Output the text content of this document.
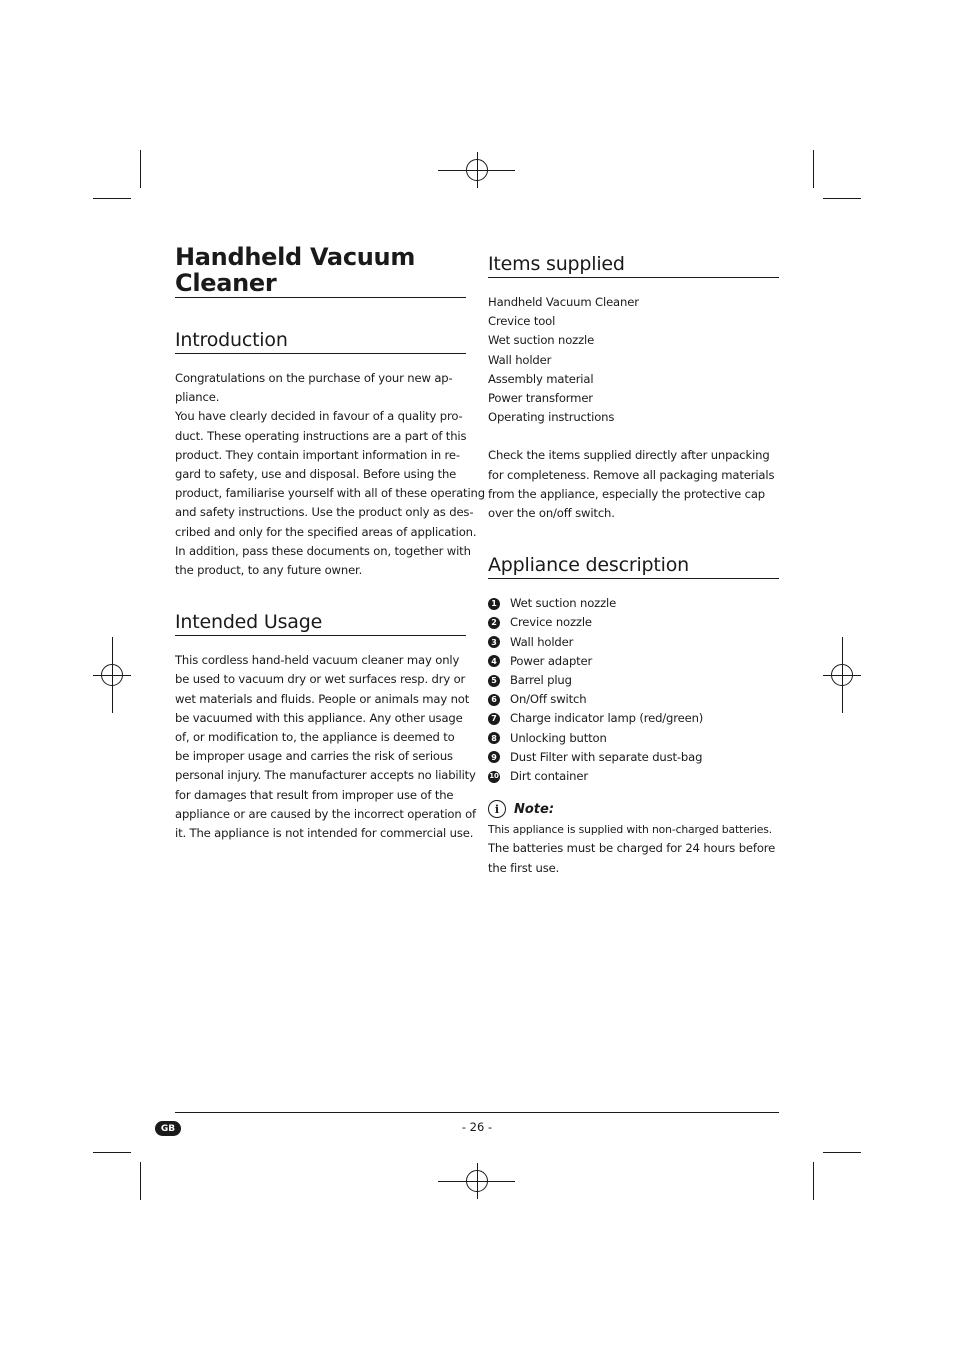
Handheld Vacuum
Cleaner
Introduction

Congratulations on the purchase of your new ap-
pliance.
You have clearly decided in favour of a quality pro-
duct. These operating instructions are a part of this
product. They contain important information in re-
gard to safety, use and disposal. Before using the
product, familiarise yourself with all of these operating
and safety instructions. Use the product only as des-
cribed and only for the specified areas of application.
In addition, pass these documents on, together with
the product, to any future owner.

Intended Usage

This cordless hand-held vacuum cleaner may only
be used to vacuum dry or wet surfaces resp. dry or
wet materials and fluids. People or animals may not
be vacuumed with this appliance. Any other usage
of, or modification to, the appliance is deemed to
be improper usage and carries the risk of serious
personal injury. The manufacturer accepts no liability
for damages that result from improper use of the
appliance or are caused by the incorrect operation of
it. The appliance is not intended for commercial use.

Items supplied
Handheld Vacuum Cleaner
Crevice tool
Wet suction nozzle
Wall holder
Assembly material
Power transformer
Operating instructions

Check the items supplied directly after unpacking
for completeness. Remove all packaging materials
from the appliance, especially the protective cap
over the on/off switch.

Appliance description
1 Wet suction nozzle
2 Crevice nozzle
3 Wall holder
4 Power adapter
5 Barrel plug
6 On/Off switch
7 Charge indicator lamp (red/green)
8 Unlocking button
9 Dust Filter with separate dust-bag
10 Dirt container
i	Note:

This appliance is supplied with non-charged batteries.
The batteries must be charged for 24 hours before
the first use.

GB	- 26 -
